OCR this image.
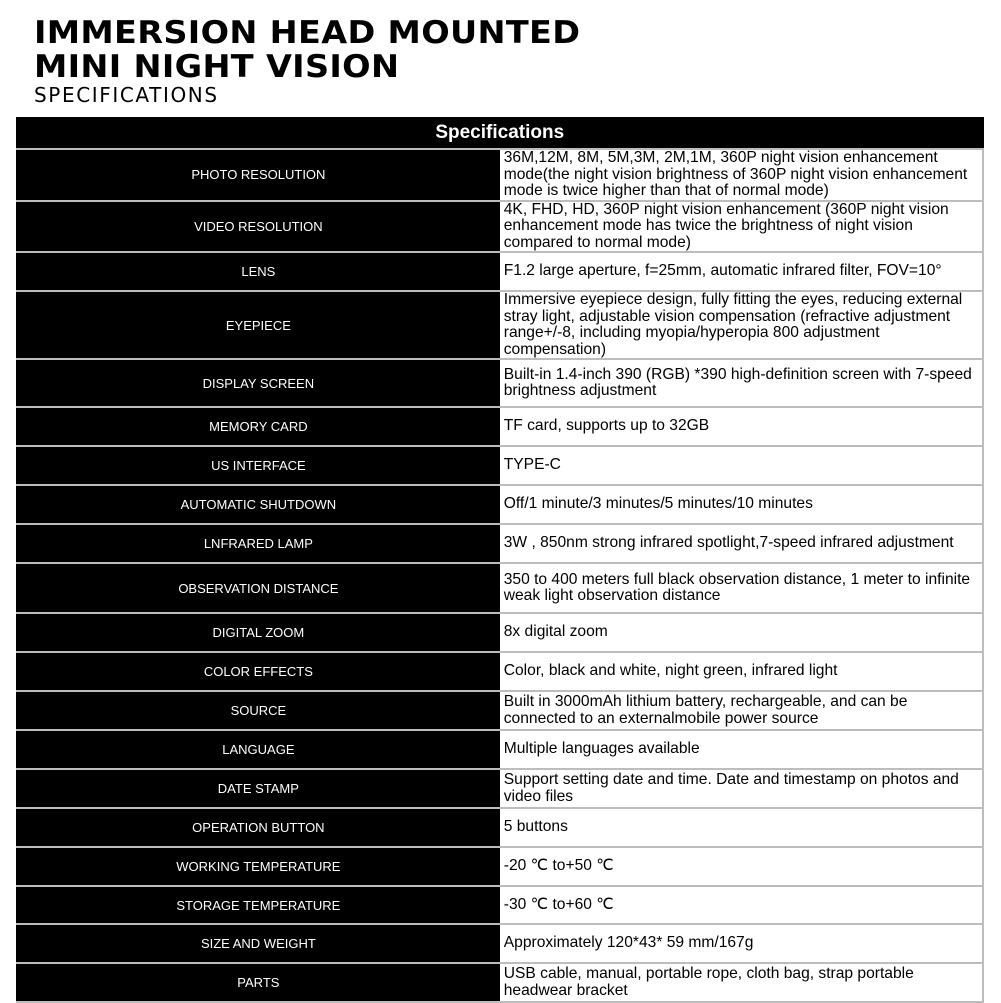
IMMERSION HEAD MOUNTED
MINI NIGHT VISION
SPECIFICATIONS
Specifications	
PHOTO RESOLUTION	36M,12M, 8M, 5M,3M, 2M,1M, 360P night vision enhancement mode(the night vision brightness of 360P night vision enhancement mode is twice higher than that of normal mode)
VIDEO RESOLUTION	4K, FHD, HD, 360P night vision enhancement (360P night vision enhancement mode has twice the brightness of night vision compared to normal mode)
LENS	F1.2 large aperture, f=25mm, automatic infrared filter, FOV=10°
EYEPIECE	Immersive eyepiece design, fully fitting the eyes, reducing external stray light, adjustable vision compensation (refractive adjustment range+/-8, including myopia/hyperopia 800 adjustment compensation)
DISPLAY SCREEN	Built-in 1.4-inch 390 (RGB) *390 high-definition screen with 7-speed brightness adjustment
MEMORY CARD	TF card, supports up to 32GB
US INTERFACE	TYPE-C
AUTOMATIC SHUTDOWN	Off/1 minute/3 minutes/5 minutes/10 minutes
LNFRARED LAMP	3W , 850nm strong infrared spotlight,7-speed infrared adjustment
OBSERVATION DISTANCE	350 to 400 meters full black observation distance, 1 meter to infinite weak light observation distance
DIGITAL ZOOM	8x digital zoom
COLOR EFFECTS	Color, black and white, night green, infrared light
SOURCE	Built in 3000mAh lithium battery, rechargeable, and can be connected to an externalmobile power source
LANGUAGE	Multiple languages available
DATE STAMP	Support setting date and time. Date and timestamp on photos and video files
OPERATION BUTTON	5 buttons
WORKING TEMPERATURE	-20 ℃ to+50 ℃
STORAGE TEMPERATURE	-30 ℃ to+60 ℃
SIZE AND WEIGHT	Approximately 120*43* 59 mm/167g
PARTS	USB cable, manual, portable rope, cloth bag, strap portable headwear bracket
